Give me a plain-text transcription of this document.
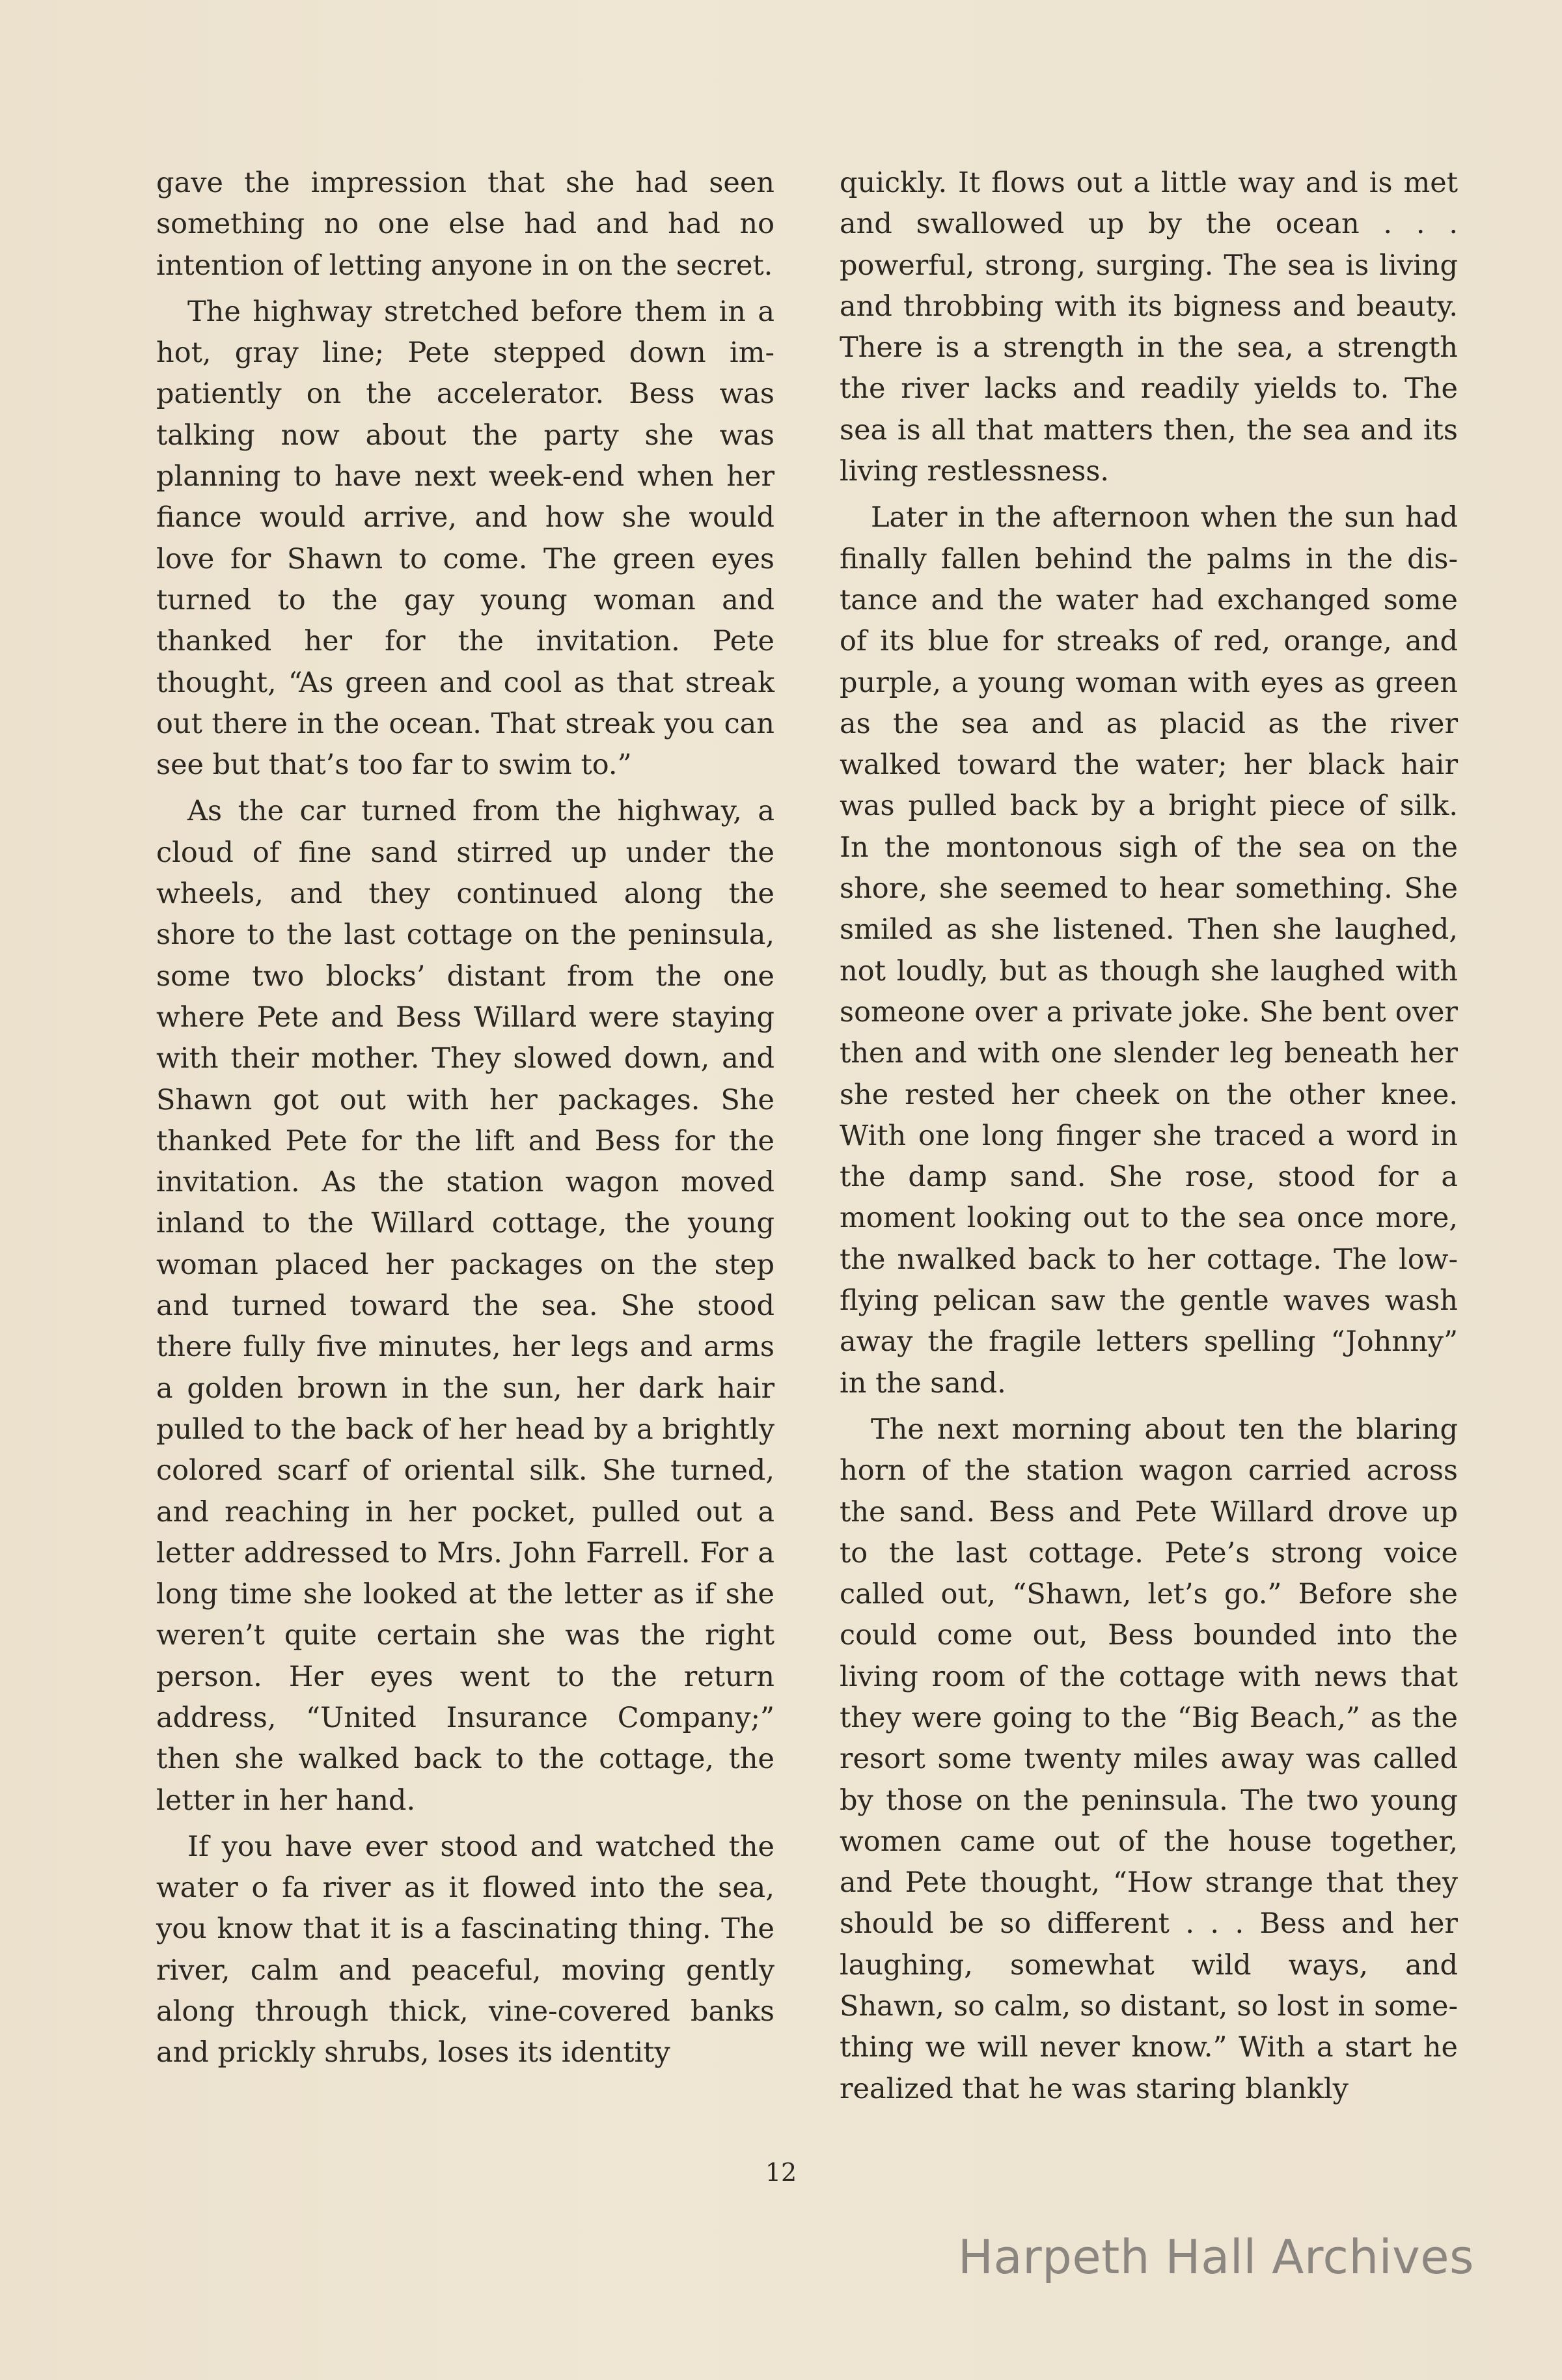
gave the impression that she had seen something no one else had and had no intention of letting anyone in on the secret.

The highway stretched before them in a hot, gray line; Pete stepped down impatiently on the accelerator. Bess was talking now about the party she was planning to have next week-end when her fiance would arrive, and how she would love for Shawn to come. The green eyes turned to the gay young woman and thanked her for the invitation. Pete thought, “As green and cool as that streak out there in the ocean. That streak you can see but that’s too far to swim to.”

As the car turned from the highway, a cloud of fine sand stirred up under the wheels, and they continued along the shore to the last cottage on the peninsula, some two blocks’ distant from the one where Pete and Bess Willard were staying with their mother. They slowed down, and Shawn got out with her packages. She thanked Pete for the lift and Bess for the invitation. As the station wagon moved inland to the Willard cottage, the young woman placed her packages on the step and turned toward the sea. She stood there fully five minutes, her legs and arms a golden brown in the sun, her dark hair pulled to the back of her head by a brightly colored scarf of oriental silk. She turned, and reaching in her pocket, pulled out a letter addressed to Mrs. John Farrell. For a long time she looked at the letter as if she weren’t quite certain she was the right person. Her eyes went to the return address, “United Insurance Company;” then she walked back to the cottage, the letter in her hand.

If you have ever stood and watched the water o fa river as it flowed into the sea, you know that it is a fascinating thing. The river, calm and peaceful, moving gently along through thick, vine-covered banks and prickly shrubs, loses its identity

quickly. It flows out a little way and is met and swallowed up by the ocean . . . powerful, strong, surging. The sea is living and throbbing with its bigness and beauty. There is a strength in the sea, a strength the river lacks and readily yields to. The sea is all that matters then, the sea and its living restlessness.

Later in the afternoon when the sun had finally fallen behind the palms in the distance and the water had exchanged some of its blue for streaks of red, orange, and purple, a young woman with eyes as green as the sea and as placid as the river walked toward the water; her black hair was pulled back by a bright piece of silk. In the montonous sigh of the sea on the shore, she seemed to hear something. She smiled as she listened. Then she laughed, not loudly, but as though she laughed with someone over a private joke. She bent over then and with one slender leg beneath her she rested her cheek on the other knee. With one long finger she traced a word in the damp sand. She rose, stood for a moment looking out to the sea once more, the nwalked back to her cottage. The low-flying pelican saw the gentle waves wash away the fragile letters spelling “Johnny” in the sand.

The next morning about ten the blaring horn of the station wagon carried across the sand. Bess and Pete Willard drove up to the last cottage. Pete’s strong voice called out, “Shawn, let’s go.” Before she could come out, Bess bounded into the living room of the cottage with news that they were going to the “Big Beach,” as the resort some twenty miles away was called by those on the peninsula. The two young women came out of the house together, and Pete thought, “How strange that they should be so different . . . Bess and her laughing, somewhat wild ways, and Shawn, so calm, so distant, so lost in something we will never know.” With a start he realized that he was staring blankly

12
Harpeth Hall Archives
